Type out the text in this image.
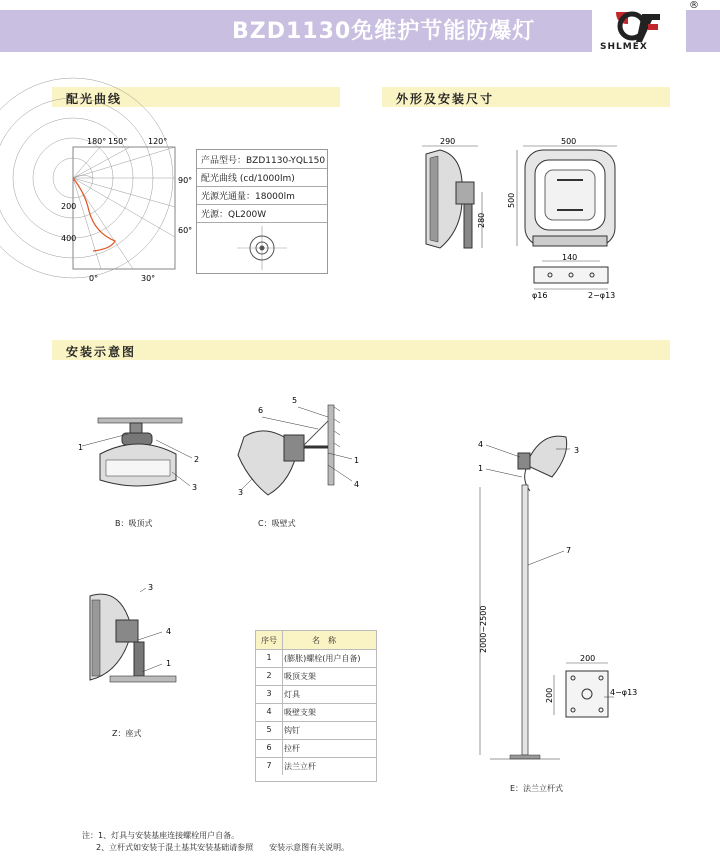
BZD1130免维护节能防爆灯
SHLMEX
®
配光曲线	外形及安装尺寸
安装示意图
180° 150°	120°
90°
60°
200
400
0°	30°
产品型号：BZD1130-YQL150
配光曲线 (cd/1000lm)
光源光通量：18000lm
光源：QL200W
290
280
500
500
140
φ16	2−φ13
1
2
3
B：吸顶式
6
5
1
4
3
C：吸壁式
3
4
1
Z：座式
序号	名　称
1	(膨胀)螺栓(用户自备)
2	吸顶支架
3	灯具
4	吸壁支架
5	钩钉
6	拉杆
7	法兰立杆
2000~2500
4
1
3
7
200
200	4−φ13
E：法兰立杆式
注：1、灯具与安装基座连接螺栓用户自备。
2、立杆式如安装于混土基其安装基础请参照　　安装示意图有关说明。
